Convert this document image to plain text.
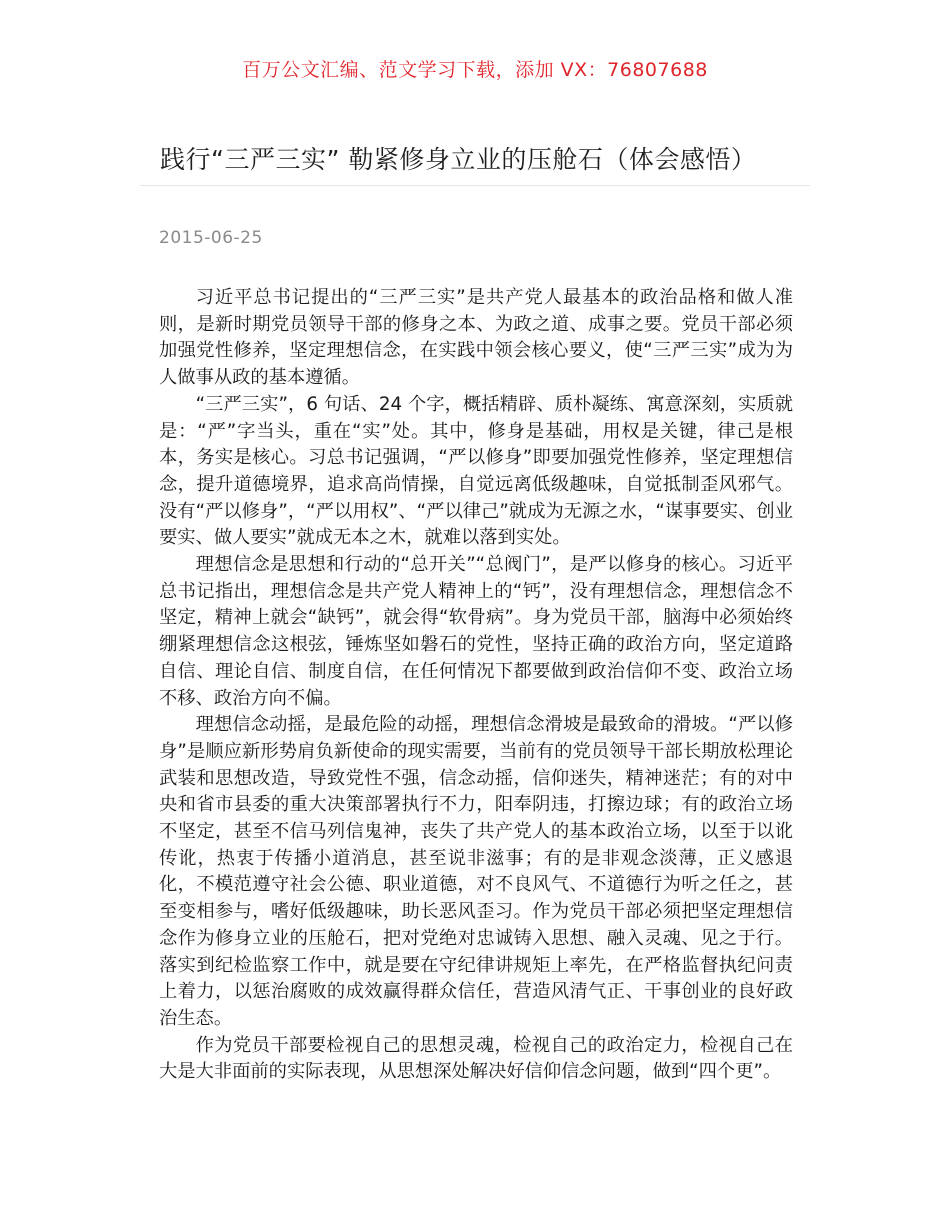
百万公文汇编、范文学习下载，添加 VX：76807688
践行“三严三实” 勒紧修身立业的压舱石（体会感悟）
2015-06-25

习近平总书记提出的“三严三实”是共产党人最基本的政治品格和做人准则，是新时期党员领导干部的修身之本、为政之道、成事之要。党员干部必须加强党性修养，坚定理想信念，在实践中领会核心要义，使“三严三实”成为为人做事从政的基本遵循。

“三严三实”，6 句话、24 个字，概括精辟、质朴凝练、寓意深刻，实质就是：“严”字当头，重在“实”处。其中，修身是基础，用权是关键，律己是根本，务实是核心。习总书记强调，“严以修身”即要加强党性修养，坚定理想信念，提升道德境界，追求高尚情操，自觉远离低级趣味，自觉抵制歪风邪气。没有“严以修身”，“严以用权”、“严以律己”就成为无源之水，“谋事要实、创业要实、做人要实”就成无本之木，就难以落到实处。

理想信念是思想和行动的“总开关”“总阀门”，是严以修身的核心。习近平总书记指出，理想信念是共产党人精神上的“钙”，没有理想信念，理想信念不坚定，精神上就会“缺钙”，就会得“软骨病”。身为党员干部，脑海中必须始终绷紧理想信念这根弦，锤炼坚如磐石的党性，坚持正确的政治方向，坚定道路自信、理论自信、制度自信，在任何情况下都要做到政治信仰不变、政治立场不移、政治方向不偏。

理想信念动摇，是最危险的动摇，理想信念滑坡是最致命的滑坡。“严以修身”是顺应新形势肩负新使命的现实需要，当前有的党员领导干部长期放松理论武装和思想改造，导致党性不强，信念动摇，信仰迷失，精神迷茫；有的对中央和省市县委的重大决策部署执行不力，阳奉阴违，打擦边球；有的政治立场不坚定，甚至不信马列信鬼神，丧失了共产党人的基本政治立场，以至于以讹传讹，热衷于传播小道消息，甚至说非滋事；有的是非观念淡薄，正义感退化，不模范遵守社会公德、职业道德，对不良风气、不道德行为听之任之，甚至变相参与，嗜好低级趣味，助长恶风歪习。作为党员干部必须把坚定理想信念作为修身立业的压舱石，把对党绝对忠诚铸入思想、融入灵魂、见之于行。落实到纪检监察工作中，就是要在守纪律讲规矩上率先，在严格监督执纪问责上着力，以惩治腐败的成效赢得群众信任，营造风清气正、干事创业的良好政治生态。

作为党员干部要检视自己的思想灵魂，检视自己的政治定力，检视自己在大是大非面前的实际表现，从思想深处解决好信仰信念问题，做到“四个更”。
